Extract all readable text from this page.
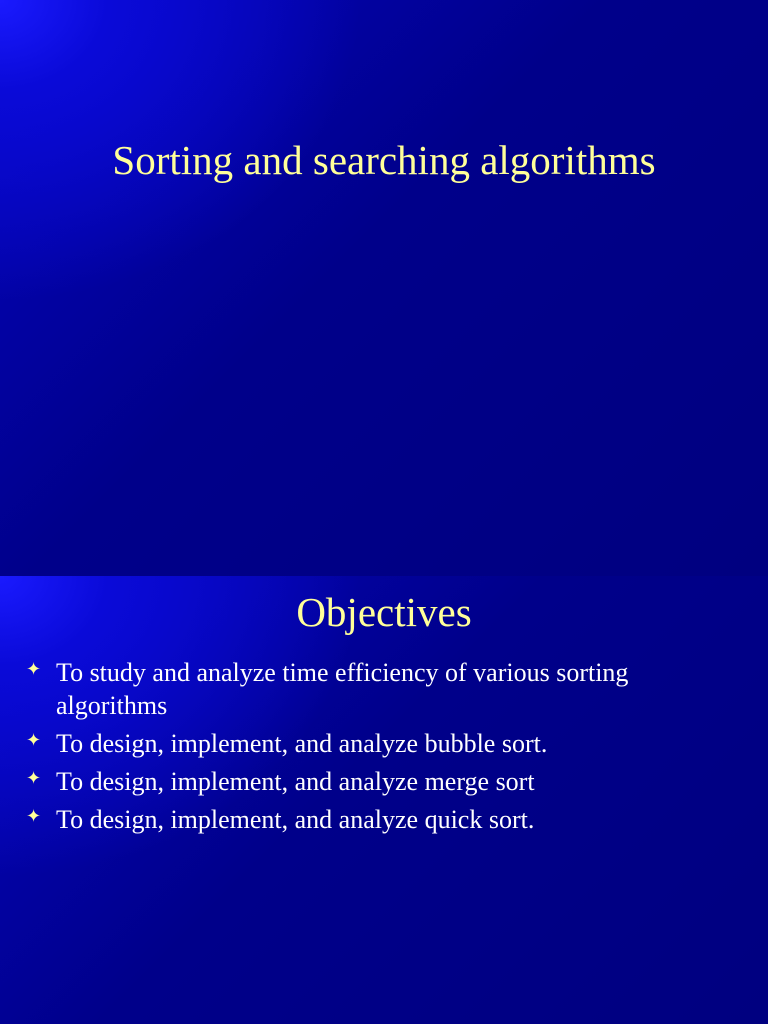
Sorting and searching algorithms
Objectives
✦ To study and analyze time efficiency of various sorting algorithms
✦ To design, implement, and analyze bubble sort.
✦ To design, implement, and analyze merge sort
✦ To design, implement, and analyze quick sort.
